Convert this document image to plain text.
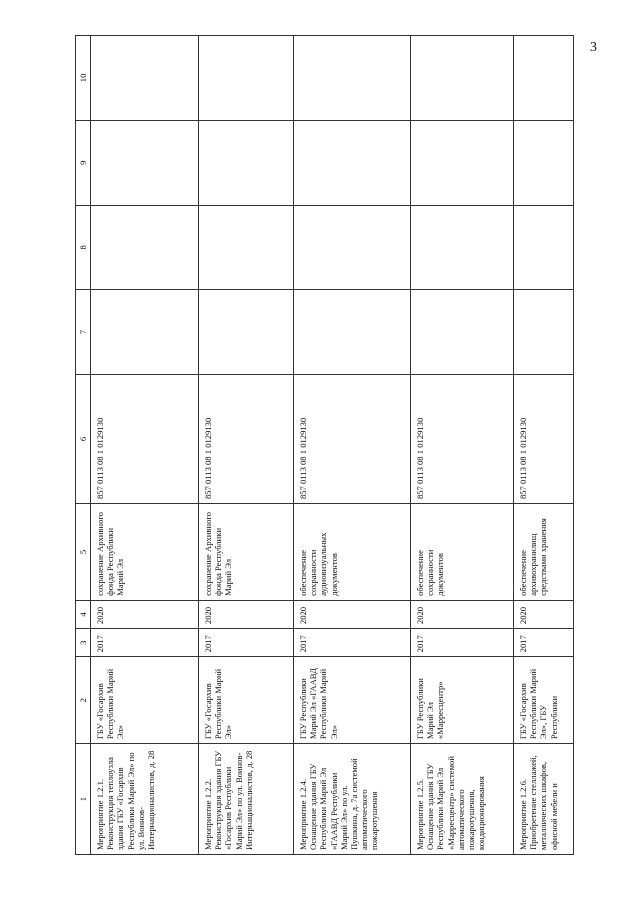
3
1	2	3	4	5	6	7	8	9	10
Мероприятие 1.2.1. Реконструкция теплоузла здания ГБУ «Госархив Республики Марий Эл» по ул. Воинов-Интернационалистов, д. 28	ГБУ «Госархив Республики Марий Эл»	2017	2020	сохранение Архивного фонда Республики Марий Эл	857 0113 08 1 0129130				
Мероприятие 1.2.2. Реконструкция здания ГБУ «Госархив Республики Марий Эл» по ул. Воинов-Интернационалистов, д. 28	ГБУ «Госархив Республики Марий Эл»	2017	2020	сохранение Архивного фонда Республики Марий Эл	857 0113 08 1 0129130				
Мероприятие 1.2.4. Оснащение здания ГБУ Республики Марий Эл «ГААВД Республики Марий Эл» по ул. Пушкина, д. 7а системой автоматического пожаротушения	ГБУ Республики Марий Эл «ГААВД Республики Марий Эл»	2017	2020	обеспечение сохранности аудиовизуальных документов	857 0113 08 1 0129130				
Мероприятие 1.2.5. Оснащение здания ГБУ Республики Марий Эл «Марресцентр» системой автоматического пожаротушения, кондиционирования	ГБУ Республики Марий Эл «Марресцентр»	2017	2020	обеспечение сохранности документов	857 0113 08 1 0129130				
Мероприятие 1.2.6. Приобретение стеллажей, металлических шкафов, офисной мебели и	ГБУ «Госархив Республики Марий Эл», ГБУ Республики	2017	2020	обеспечение архивохранилищ средствами хранения	857 0113 08 1 0129130				
